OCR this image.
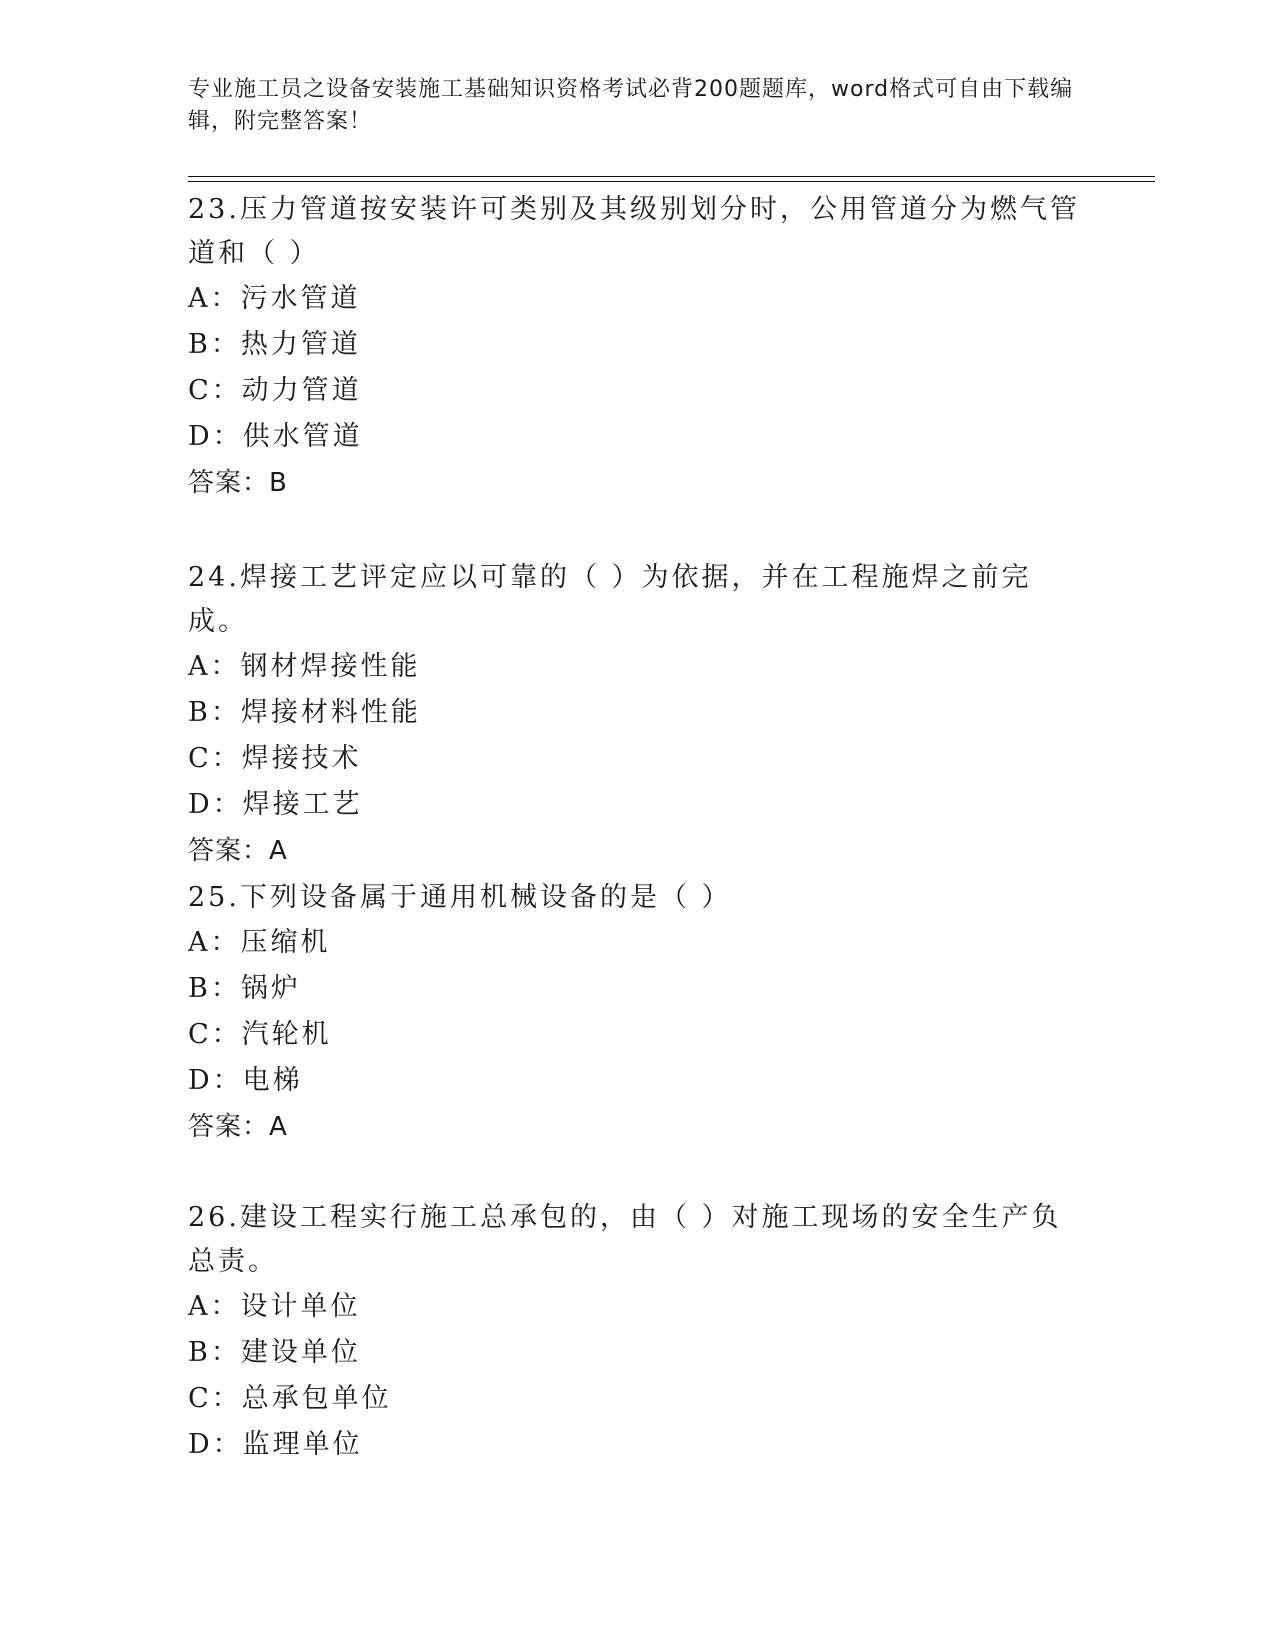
专业施工员之设备安装施工基础知识资格考试必背200题题库，word格式可自由下载编辑，附完整答案！
23.压力管道按安装许可类别及其级别划分时，公用管道分为燃气管道和（ ）
A：污水管道
B：热力管道
C：动力管道
D：供水管道
答案：B
24.焊接工艺评定应以可靠的（ ）为依据，并在工程施焊之前完成。
A：钢材焊接性能
B：焊接材料性能
C：焊接技术
D：焊接工艺
答案：A
25.下列设备属于通用机械设备的是（ ）
A：压缩机
B：锅炉
C：汽轮机
D：电梯
答案：A
26.建设工程实行施工总承包的，由（ ）对施工现场的安全生产负总责。
A：设计单位
B：建设单位
C：总承包单位
D：监理单位
